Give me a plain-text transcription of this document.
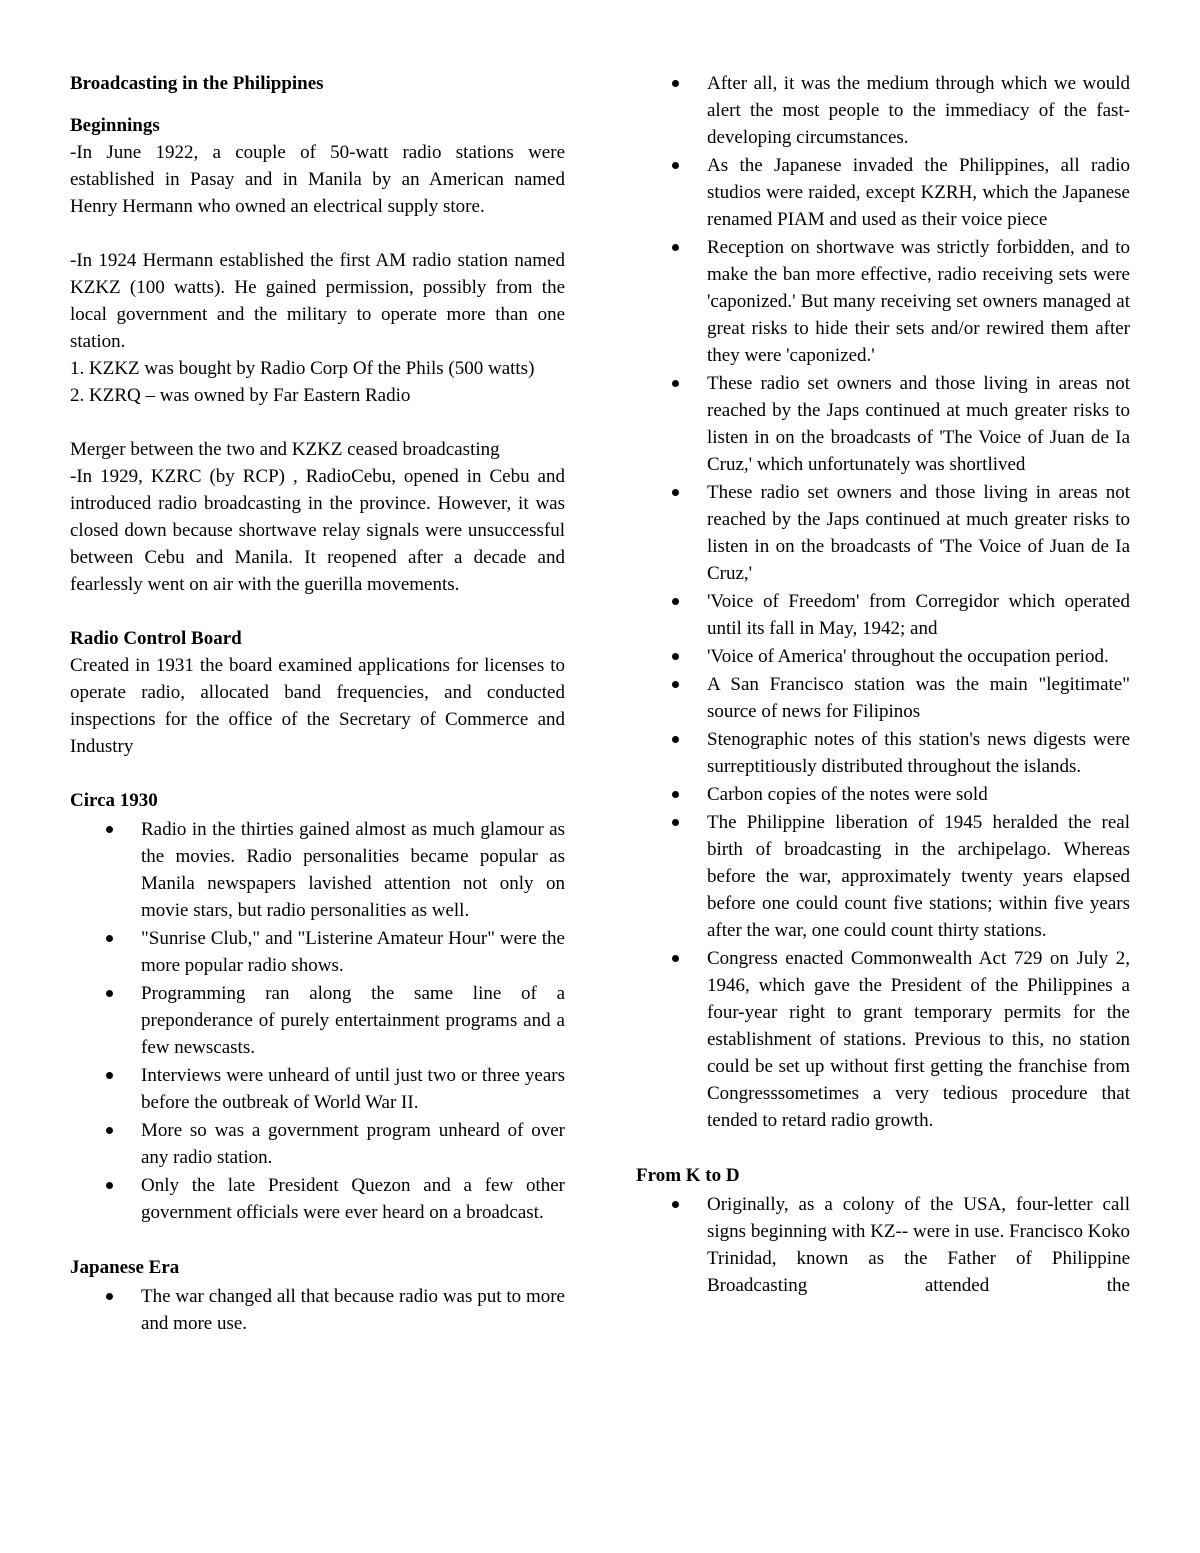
Broadcasting in the Philippines
Beginnings

-In June 1922, a couple of 50-watt radio stations were established in Pasay and in Manila by an American named Henry Hermann who owned an electrical supply store.

-In 1924 Hermann established the first AM radio station named KZKZ (100 watts). He gained permission, possibly from the local government and the military to operate more than one station.

1. KZKZ was bought by Radio Corp Of the Phils (500 watts)

2. KZRQ – was owned by Far Eastern Radio

Merger between the two and KZKZ ceased broadcasting

-In 1929, KZRC (by RCP) , RadioCebu, opened in Cebu and introduced radio broadcasting in the province. However, it was closed down because shortwave relay signals were unsuccessful between Cebu and Manila. It reopened after a decade and fearlessly went on air with the guerilla movements.

Radio Control Board

Created in 1931 the board examined applications for licenses to operate radio, allocated band frequencies, and conducted inspections for the office of the Secretary of Commerce and Industry

Circa 1930
Radio in the thirties gained almost as much glamour as the movies. Radio personalities became popular as Manila newspapers lavished attention not only on movie stars, but radio personalities as well.
"Sunrise Club," and "Listerine Amateur Hour" were the more popular radio shows.
Programming ran along the same line of a preponderance of purely entertainment programs and a few newscasts.
Interviews were unheard of until just two or three years before the outbreak of World War II.
More so was a government program unheard of over any radio station.
Only the late President Quezon and a few other government officials were ever heard on a broadcast.
Japanese Era
The war changed all that because radio was put to more and more use.
After all, it was the medium through which we would alert the most people to the immediacy of the fast-developing circumstances.
As the Japanese invaded the Philippines, all radio studios were raided, except KZRH, which the Japanese renamed PIAM and used as their voice piece
Reception on shortwave was strictly forbidden, and to make the ban more effective, radio receiving sets were 'caponized.' But many receiving set owners managed at great risks to hide their sets and/or rewired them after they were 'caponized.'
These radio set owners and those living in areas not reached by the Japs continued at much greater risks to listen in on the broadcasts of 'The Voice of Juan de Ia Cruz,' which unfortunately was shortlived
These radio set owners and those living in areas not reached by the Japs continued at much greater risks to listen in on the broadcasts of 'The Voice of Juan de Ia Cruz,'
'Voice of Freedom' from Corregidor which operated until its fall in May, 1942; and
'Voice of America' throughout the occupation period.
A San Francisco station was the main "legitimate" source of news for Filipinos
Stenographic notes of this station's news digests were surreptitiously distributed throughout the islands.
Carbon copies of the notes were sold
The Philippine liberation of 1945 heralded the real birth of broadcasting in the archipelago. Whereas before the war, approximately twenty years elapsed before one could count five stations; within five years after the war, one could count thirty stations.
Congress enacted Commonwealth Act 729 on July 2, 1946, which gave the President of the Philippines a four-year right to grant temporary permits for the establishment of stations. Previous to this, no station could be set up without first getting the franchise from Congresssometimes a very tedious procedure that tended to retard radio growth.
From K to D
Originally, as a colony of the USA, four-letter call signs beginning with KZ-- were in use. Francisco Koko Trinidad, known as the Father of Philippine Broadcasting attended the
